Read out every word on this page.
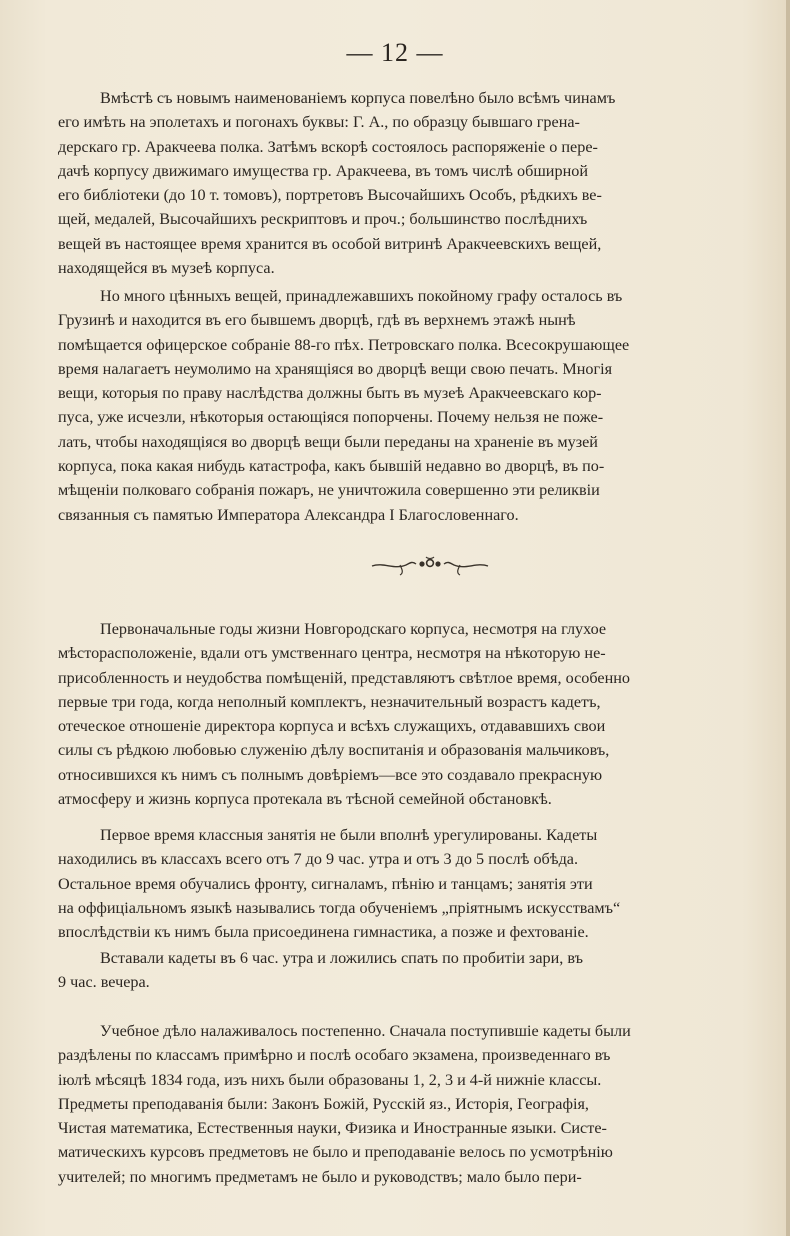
— 12 —

Вмѣстѣ съ новымъ наименованіемъ корпуса повелѣно было всѣмъ чинамъ

его имѣть на эполетахъ и погонахъ буквы: Г. А., по образцу бывшаго грена-

дерскаго гр. Аракчеева полка. Затѣмъ вскорѣ состоялось распоряженіе о пере-

дачѣ корпусу движимаго имущества гр. Аракчеева, въ томъ числѣ обширной

его библіотеки (до 10 т. томовъ), портретовъ Высочайшихъ Особъ, рѣдкихъ ве-

щей, медалей, Высочайшихъ рескриптовъ и проч.; большинство послѣднихъ

вещей въ настоящее время хранится въ особой витринѣ Аракчеевскихъ вещей,

находящейся въ музеѣ корпуса.

Но много цѣнныхъ вещей, принадлежавшихъ покойному графу осталось въ

Грузинѣ и находится въ его бывшемъ дворцѣ, гдѣ въ верхнемъ этажѣ нынѣ

помѣщается офицерское собраніе 88-го пѣх. Петровскаго полка. Всесокрушающее

время налагаетъ неумолимо на хранящіяся во дворцѣ вещи свою печать. Многія

вещи, которыя по праву наслѣдства должны быть въ музеѣ Аракчеевскаго кор-

пуса, уже исчезли, нѣкоторыя остающіяся попорчены. Почему нельзя не поже-

лать, чтобы находящіяся во дворцѣ вещи были переданы на храненіе въ музей

корпуса, пока какая нибудь катастрофа, какъ бывшій недавно во дворцѣ, въ по-

мѣщеніи полковаго собранія пожаръ, не уничтожила совершенно эти реликвіи

связанныя съ памятью Императора Александра I Благословеннаго.

Первоначальные годы жизни Новгородскаго корпуса, несмотря на глухое

мѣсторасположеніе, вдали отъ умственнаго центра, несмотря на нѣкоторую не-

присобленность и неудобства помѣщеній, представляютъ свѣтлое время, особенно

первые три года, когда неполный комплектъ, незначительный возрастъ кадетъ,

отеческое отношеніе директора корпуса и всѣхъ служащихъ, отдававшихъ свои

силы съ рѣдкою любовью служенію дѣлу воспитанія и образованія мальчиковъ,

относившихся къ нимъ съ полнымъ довѣріемъ—все это создавало прекрасную

атмосферу и жизнь корпуса протекала въ тѣсной семейной обстановкѣ.

Первое время классныя занятія не были вполнѣ урегулированы. Кадеты

находились въ классахъ всего отъ 7 до 9 час. утра и отъ 3 до 5 послѣ обѣда.

Остальное время обучались фронту, сигналамъ, пѣнію и танцамъ; занятія эти

на оффиціальномъ языкѣ назывались тогда обученіемъ „пріятнымъ искусствамъ“

впослѣдствіи къ нимъ была присоединена гимнастика, а позже и фехтованіе.

Вставали кадеты въ 6 час. утра и ложились спать по пробитіи зари, въ

9 час. вечера.

Учебное дѣло налаживалось постепенно. Сначала поступившіе кадеты были

раздѣлены по классамъ примѣрно и послѣ особаго экзамена, произведеннаго въ

іюлѣ мѣсяцѣ 1834 года, изъ нихъ были образованы 1, 2, 3 и 4-й нижніе классы.

Предметы преподаванія были: Законъ Божій, Русскій яз., Исторія, Географія,

Чистая математика, Естественныя науки, Физика и Иностранные языки. Систе-

матическихъ курсовъ предметовъ не было и преподаваніе велось по усмотрѣнію

учителей; по многимъ предметамъ не было и руководствъ; мало было пери-
